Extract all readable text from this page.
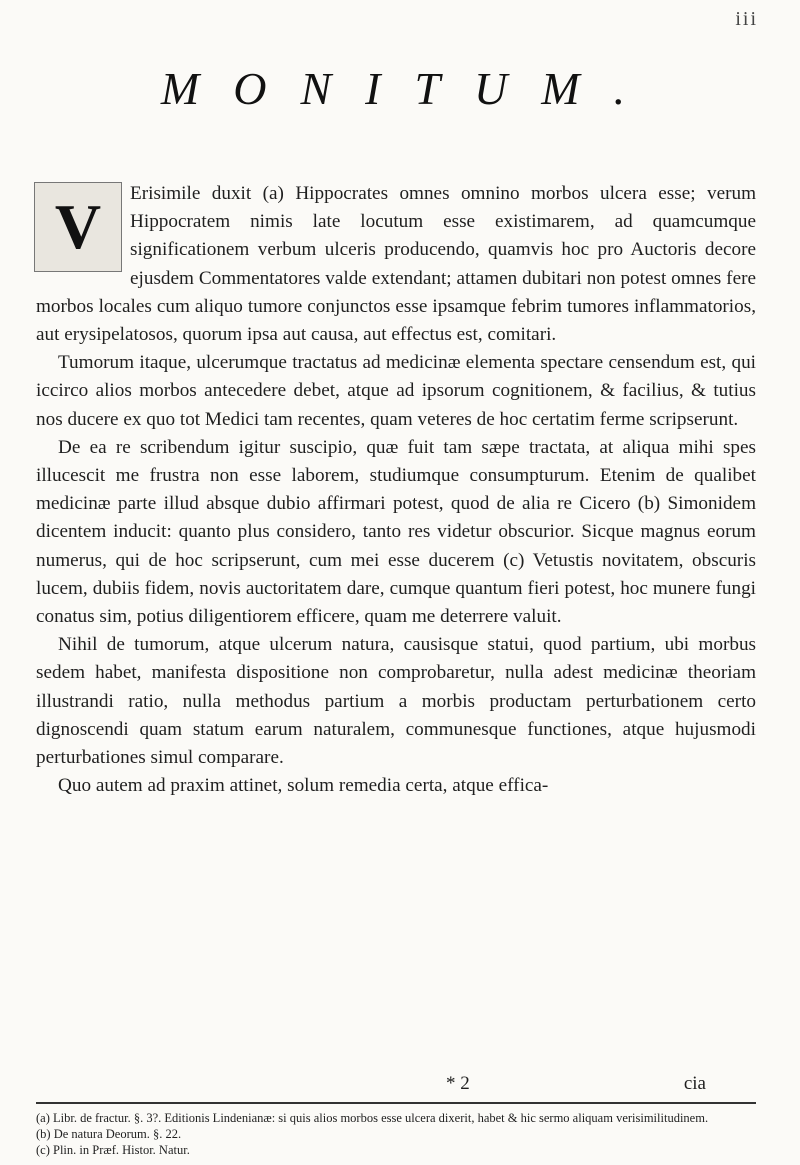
iii
MONITUM.
V	Erisimile duxit (a) Hippocrates omnes omnino morbos ulcera esse; verum Hippocratem nimis late locutum esse existimarem, ad quamcumque significationem verbum ulceris producendo, quamvis hoc pro Auctoris decore ejusdem Commentatores valde extendant; attamen dubitari non potest omnes fere morbos locales cum aliquo tumore conjunctos esse ipsamque febrim tumores inflammatorios, aut erysipelatosos, quorum ipsa aut causa, aut effectus est, comitari.

Tumorum itaque, ulcerumque tractatus ad medicinæ elementa spectare censendum est, qui iccirco alios morbos antecedere debet, atque ad ipsorum cognitionem, & facilius, & tutius nos ducere ex quo tot Medici tam recentes, quam veteres de hoc certatim ferme scripserunt.

De ea re scribendum igitur suscipio, quæ fuit tam sæpe tractata, at aliqua mihi spes illucescit me frustra non esse laborem, studiumque consumpturum. Etenim de qualibet medicinæ parte illud absque dubio affirmari potest, quod de alia re Cicero (b) Simonidem dicentem inducit: quanto plus considero, tanto res videtur obscurior. Sicque magnus eorum numerus, qui de hoc scripserunt, cum mei esse ducerem (c) Vetustis novitatem, obscuris lucem, dubiis fidem, novis auctoritatem dare, cumque quantum fieri potest, hoc munere fungi conatus sim, potius diligentiorem efficere, quam me deterrere valuit.

Nihil de tumorum, atque ulcerum natura, causisque statui, quod partium, ubi morbus sedem habet, manifesta dispositione non comprobaretur, nulla adest medicinæ theoriam illustrandi ratio, nulla methodus partium a morbis productam perturbationem certo dignoscendi quam statum earum naturalem, communesque functiones, atque hujusmodi perturbationes simul comparare.

Quo autem ad praxim attinet, solum remedia certa, atque effica-

* 2	cia

(a) Libr. de fractur. §. 3?. Editionis Lindenianæ: si quis alios morbos esse ulcera dixerit, habet & hic sermo aliquam verisimilitudinem.

(b) De natura Deorum. §. 22.

(c) Plin. in Præf. Histor. Natur.
